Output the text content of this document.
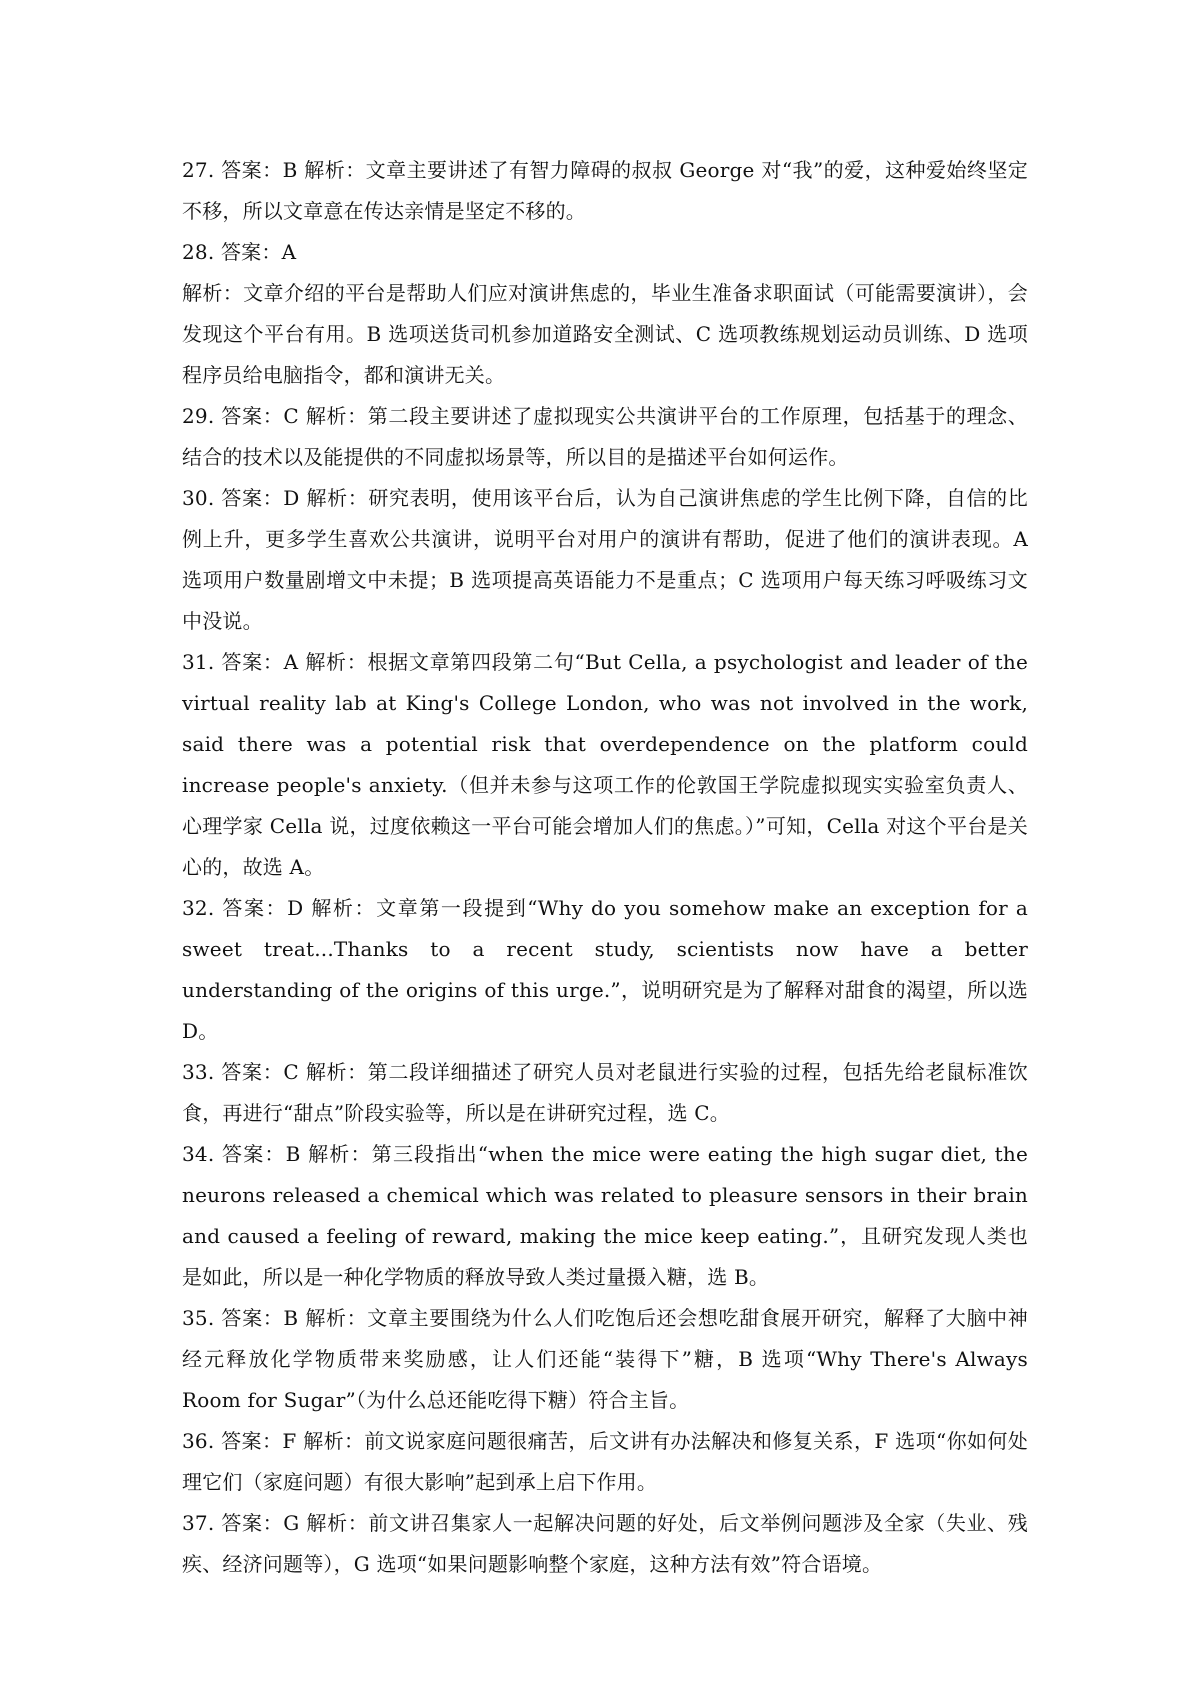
27. 答案：B 解析：文章主要讲述了有智力障碍的叔叔 George 对“我”的爱，这种爱始终坚定不移，所以文章意在传达亲情是坚定不移的。

28. 答案：A

解析：文章介绍的平台是帮助人们应对演讲焦虑的，毕业生准备求职面试（可能需要演讲），会发现这个平台有用。B 选项送货司机参加道路安全测试、C 选项教练规划运动员训练、D 选项程序员给电脑指令，都和演讲无关。

29. 答案：C 解析：第二段主要讲述了虚拟现实公共演讲平台的工作原理，包括基于的理念、结合的技术以及能提供的不同虚拟场景等，所以目的是描述平台如何运作。

30. 答案：D 解析：研究表明，使用该平台后，认为自己演讲焦虑的学生比例下降，自信的比例上升，更多学生喜欢公共演讲，说明平台对用户的演讲有帮助，促进了他们的演讲表现。A 选项用户数量剧增文中未提；B 选项提高英语能力不是重点；C 选项用户每天练习呼吸练习文中没说。

31. 答案：A 解析：根据文章第四段第二句“But Cella, a psychologist and leader of the virtual reality lab at King's College London, who was not involved in the work, said there was a potential risk that overdependence on the platform could increase people's anxiety.（但并未参与这项工作的伦敦国王学院虚拟现实实验室负责人、心理学家 Cella 说，过度依赖这一平台可能会增加人们的焦虑。）”可知，Cella 对这个平台是关心的，故选 A。

32. 答案：D 解析：文章第一段提到“Why do you somehow make an exception for a sweet treat...Thanks to a recent study, scientists now have a better understanding of the origins of this urge.”，说明研究是为了解释对甜食的渴望，所以选 D。

33. 答案：C 解析：第二段详细描述了研究人员对老鼠进行实验的过程，包括先给老鼠标准饮食，再进行“甜点”阶段实验等，所以是在讲研究过程，选 C。

34. 答案：B 解析：第三段指出“when the mice were eating the high sugar diet, the neurons released a chemical which was related to pleasure sensors in their brain and caused a feeling of reward, making the mice keep eating.”，且研究发现人类也是如此，所以是一种化学物质的释放导致人类过量摄入糖，选 B。

35. 答案：B 解析：文章主要围绕为什么人们吃饱后还会想吃甜食展开研究，解释了大脑中神经元释放化学物质带来奖励感，让人们还能“装得下”糖，B 选项“Why There's Always Room for Sugar”（为什么总还能吃得下糖）符合主旨。

36. 答案：F 解析：前文说家庭问题很痛苦，后文讲有办法解决和修复关系，F 选项“你如何处理它们（家庭问题）有很大影响”起到承上启下作用。

37. 答案：G 解析：前文讲召集家人一起解决问题的好处，后文举例问题涉及全家（失业、残疾、经济问题等），G 选项“如果问题影响整个家庭，这种方法有效”符合语境。
